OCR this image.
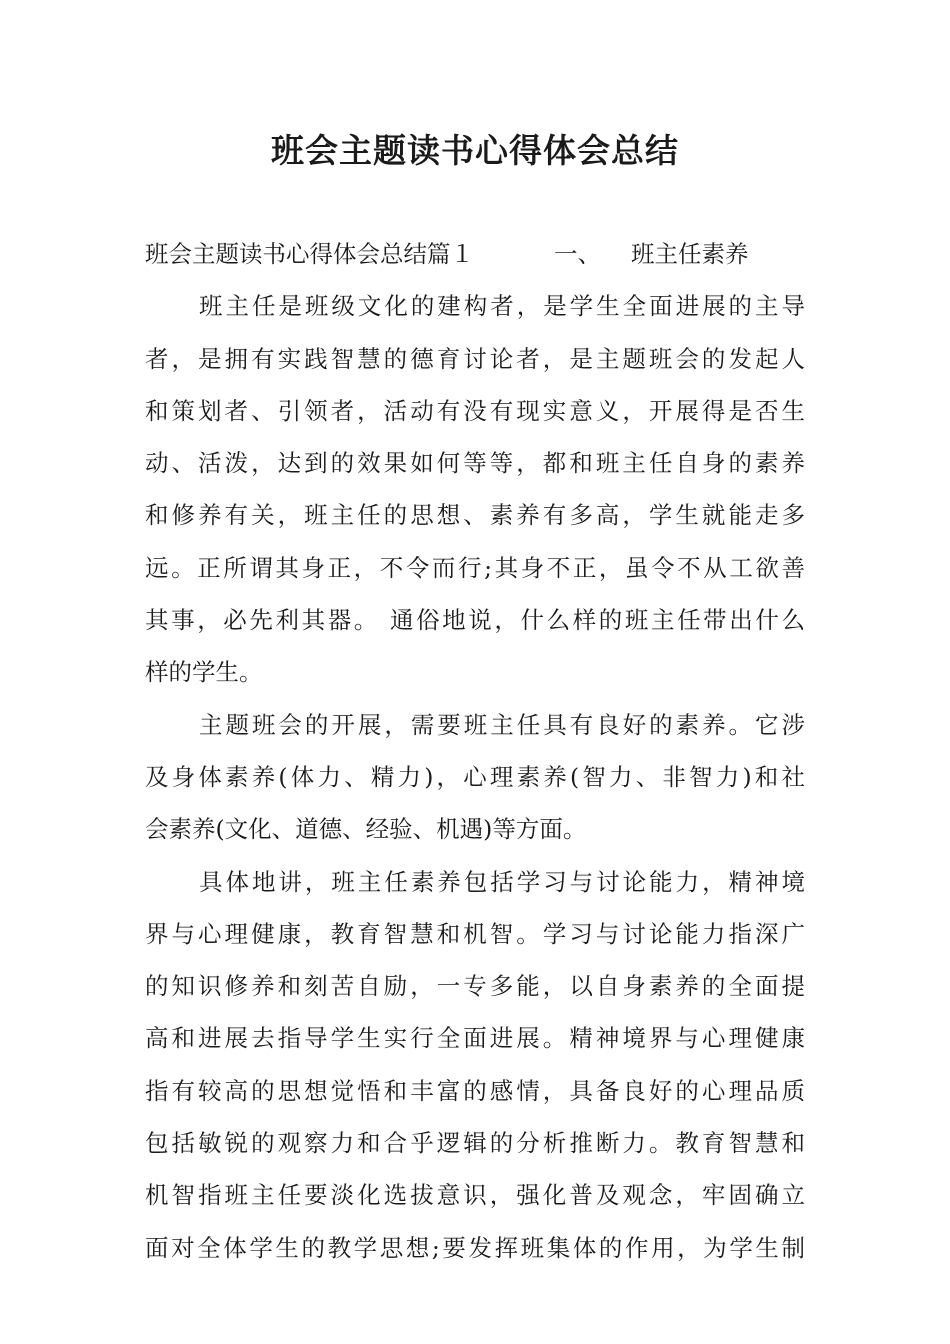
班会主题读书心得体会总结
班会主题读书心得体会总结篇１	一、 班主任素养
班主任是班级文化的建构者，是学生全面进展的主导
者，是拥有实践智慧的德育讨论者，是主题班会的发起人
和策划者、引领者，活动有没有现实意义，开展得是否生
动、活泼，达到的效果如何等等，都和班主任自身的素养
和修养有关，班主任的思想、素养有多高，学生就能走多
远。正所谓其身正，不令而行;其身不正，虽令不从工欲善
其事，必先利其器。 通俗地说，什么样的班主任带出什么
样的学生。
主题班会的开展，需要班主任具有良好的素养。它涉
及身体素养(体力、精力)，心理素养(智力、非智力)和社
会素养(文化、道德、经验、机遇)等方面。
具体地讲，班主任素养包括学习与讨论能力，精神境
界与心理健康，教育智慧和机智。学习与讨论能力指深广
的知识修养和刻苦自励，一专多能，以自身素养的全面提
高和进展去指导学生实行全面进展。精神境界与心理健康
指有较高的思想觉悟和丰富的感情，具备良好的心理品质
包括敏锐的观察力和合乎逻辑的分析推断力。教育智慧和
机智指班主任要淡化选拔意识，强化普及观念，牢固确立
面对全体学生的教学思想;要发挥班集体的作用，为学生制
